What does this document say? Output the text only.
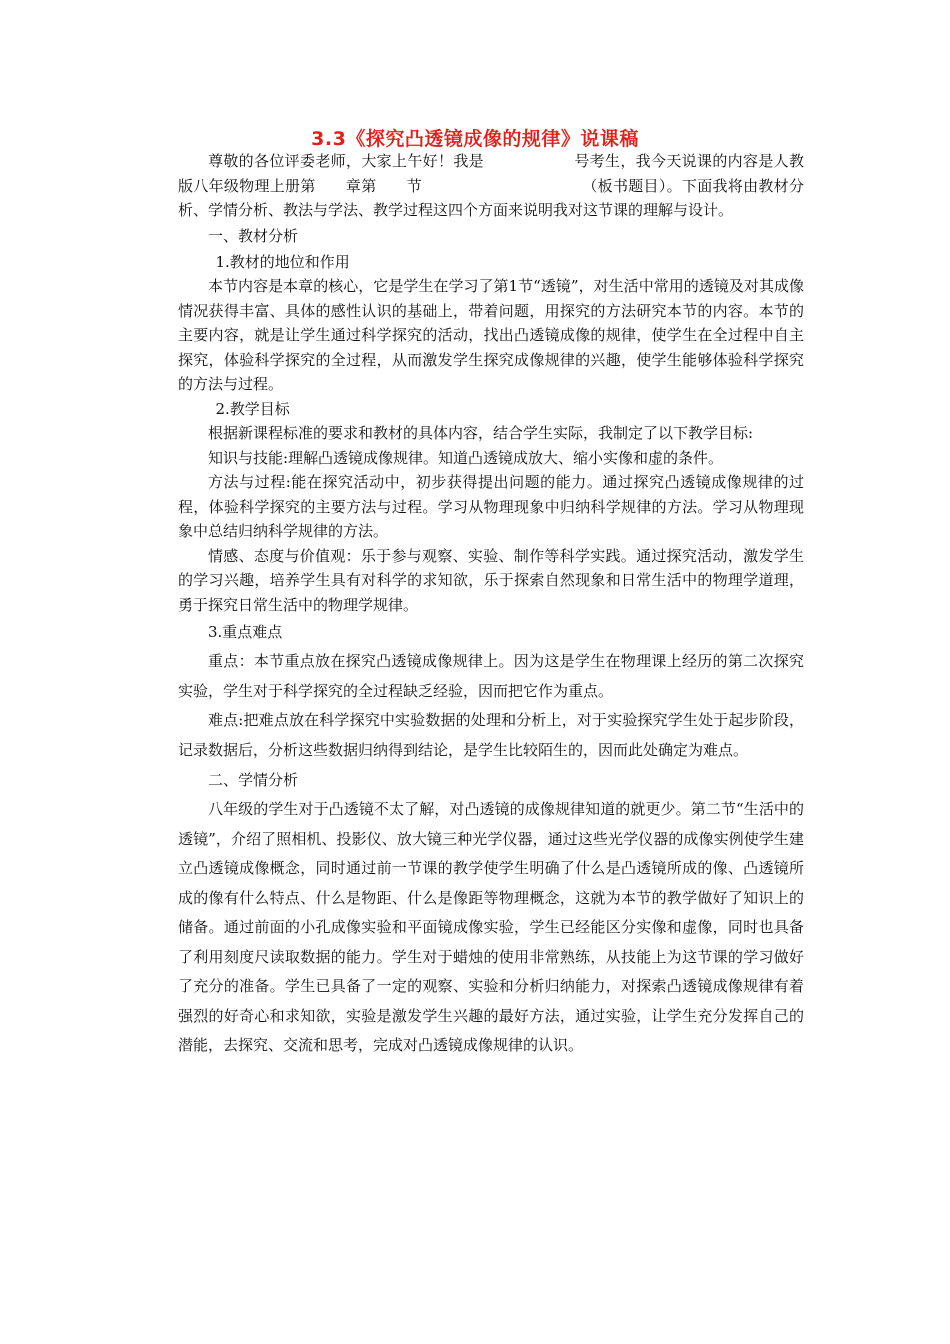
3.3《探究凸透镜成像的规律》说课稿

尊敬的各位评委老师，大家上午好！我是	号考生，我今天说课的内容是人教版八年级物理上册第 章第 节	（板书题目）。下面我将由教材分析、学情分析、教法与学法、教学过程这四个方面来说明我对这节课的理解与设计。

一、教材分析

1.教材的地位和作用

本节内容是本章的核心，它是学生在学习了第1节“透镜”，对生活中常用的透镜及对其成像情况获得丰富、具体的感性认识的基础上，带着问题，用探究的方法研究本节的内容。本节的主要内容，就是让学生通过科学探究的活动，找出凸透镜成像的规律，使学生在全过程中自主探究，体验科学探究的全过程，从而激发学生探究成像规律的兴趣，使学生能够体验科学探究的方法与过程。

2.教学目标

根据新课程标准的要求和教材的具体内容，结合学生实际，我制定了以下教学目标:

知识与技能:理解凸透镜成像规律。知道凸透镜成放大、缩小实像和虚的条件。

方法与过程:能在探究活动中，初步获得提出问题的能力。通过探究凸透镜成像规律的过程，体验科学探究的主要方法与过程。学习从物理现象中归纳科学规律的方法。学习从物理现象中总结归纳科学规律的方法。

情感、态度与价值观：乐于参与观察、实验、制作等科学实践。通过探究活动，激发学生的学习兴趣，培养学生具有对科学的求知欲，乐于探索自然现象和日常生活中的物理学道理，勇于探究日常生活中的物理学规律。

3.重点难点

重点：本节重点放在探究凸透镜成像规律上。因为这是学生在物理课上经历的第二次探究实验，学生对于科学探究的全过程缺乏经验，因而把它作为重点。

难点:把难点放在科学探究中实验数据的处理和分析上，对于实验探究学生处于起步阶段，记录数据后，分析这些数据归纳得到结论，是学生比较陌生的，因而此处确定为难点。

二、学情分析

八年级的学生对于凸透镜不太了解，对凸透镜的成像规律知道的就更少。第二节“生活中的透镜”，介绍了照相机、投影仪、放大镜三种光学仪器，通过这些光学仪器的成像实例使学生建立凸透镜成像概念，同时通过前一节课的教学使学生明确了什么是凸透镜所成的像、凸透镜所成的像有什么特点、什么是物距、什么是像距等物理概念，这就为本节的教学做好了知识上的储备。通过前面的小孔成像实验和平面镜成像实验，学生已经能区分实像和虚像，同时也具备了利用刻度尺读取数据的能力。学生对于蜡烛的使用非常熟练，从技能上为这节课的学习做好了充分的准备。学生已具备了一定的观察、实验和分析归纳能力，对探索凸透镜成像规律有着强烈的好奇心和求知欲，实验是激发学生兴趣的最好方法，通过实验，让学生充分发挥自己的潜能，去探究、交流和思考，完成对凸透镜成像规律的认识。
